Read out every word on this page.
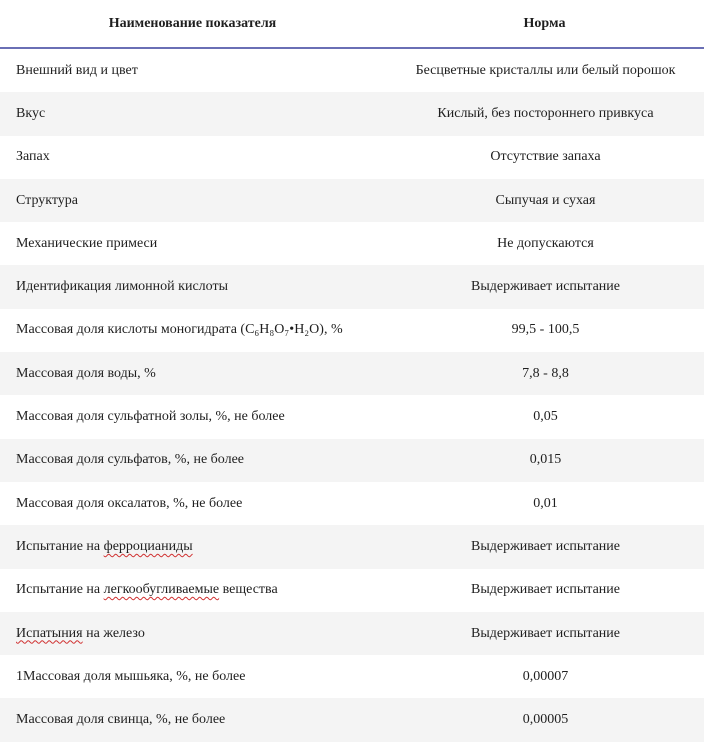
Наименование показателя	Норма
Внешний вид и цвет	Бесцветные кристаллы или белый порошок
Вкус	Кислый, без постороннего привкуса
Запах	Отсутствие запаха
Структура	Сыпучая и сухая
Механические примеси	Не допускаются
Идентификация лимонной кислоты	Выдерживает испытание
Массовая доля кислоты моногидрата (C₆H₈O₇•H₂O), %	99,5 - 100,5
Массовая доля воды, %	7,8 - 8,8
Массовая доля сульфатной золы, %, не более	0,05
Массовая доля сульфатов, %, не более	0,015
Массовая доля оксалатов, %, не более	0,01
Испытание на ферроцианиды	Выдерживает испытание
Испытание на легкообугливаемые вещества	Выдерживает испытание
Испатыния на железо	Выдерживает испытание
1Массовая доля мышьяка, %, не более	0,00007
Массовая доля свинца, %, не более	0,00005
